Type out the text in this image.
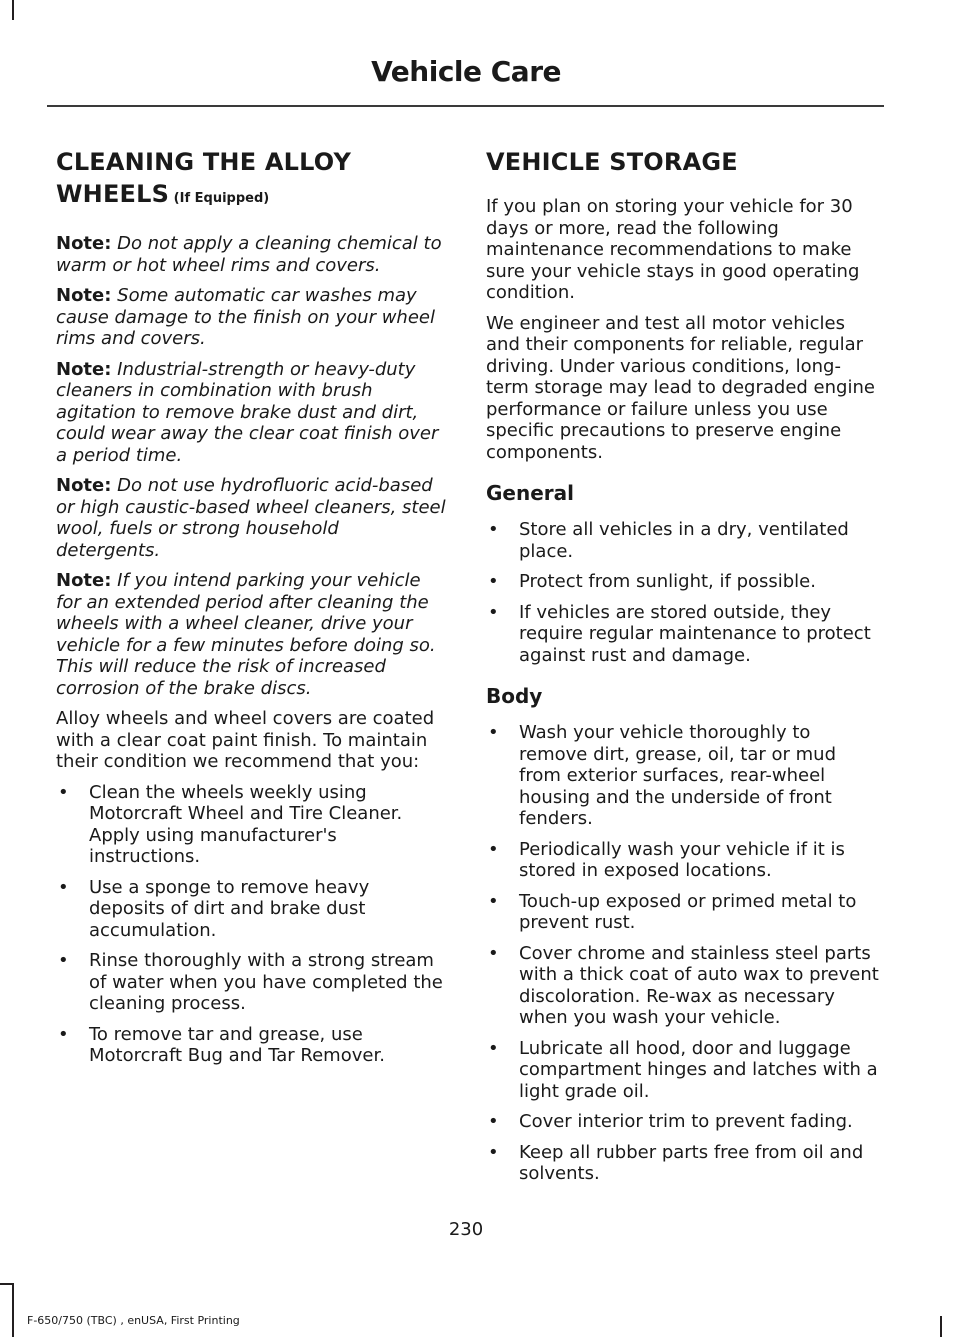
Vehicle Care
CLEANING THE ALLOY
WHEELS (If Equipped)

Note: Do not apply a cleaning chemical to warm or hot wheel rims and covers.

Note: Some automatic car washes may cause damage to the finish on your wheel rims and covers.

Note: Industrial-strength or heavy-duty cleaners in combination with brush agitation to remove brake dust and dirt, could wear away the clear coat finish over a period time.

Note: Do not use hydrofluoric acid-based or high caustic-based wheel cleaners, steel wool, fuels or strong household detergents.

Note: If you intend parking your vehicle for an extended period after cleaning the wheels with a wheel cleaner, drive your vehicle for a few minutes before doing so. This will reduce the risk of increased corrosion of the brake discs.

Alloy wheels and wheel covers are coated with a clear coat paint finish. To maintain their condition we recommend that you:

• Clean the wheels weekly using Motorcraft Wheel and Tire Cleaner. Apply using manufacturer's instructions.
• Use a sponge to remove heavy deposits of dirt and brake dust accumulation.
• Rinse thoroughly with a strong stream of water when you have completed the cleaning process.
• To remove tar and grease, use Motorcraft Bug and Tar Remover.
VEHICLE STORAGE

If you plan on storing your vehicle for 30 days or more, read the following maintenance recommendations to make sure your vehicle stays in good operating condition.

We engineer and test all motor vehicles and their components for reliable, regular driving. Under various conditions, long-term storage may lead to degraded engine performance or failure unless you use specific precautions to preserve engine components.

General
• Store all vehicles in a dry, ventilated place.
• Protect from sunlight, if possible.
• If vehicles are stored outside, they require regular maintenance to protect against rust and damage.
Body
• Wash your vehicle thoroughly to remove dirt, grease, oil, tar or mud from exterior surfaces, rear-wheel housing and the underside of front fenders.
• Periodically wash your vehicle if it is stored in exposed locations.
• Touch-up exposed or primed metal to prevent rust.
• Cover chrome and stainless steel parts with a thick coat of auto wax to prevent discoloration. Re-wax as necessary when you wash your vehicle.
• Lubricate all hood, door and luggage compartment hinges and latches with a light grade oil.
• Cover interior trim to prevent fading.
• Keep all rubber parts free from oil and solvents.

230

F-650/750 (TBC) , enUSA, First Printing
